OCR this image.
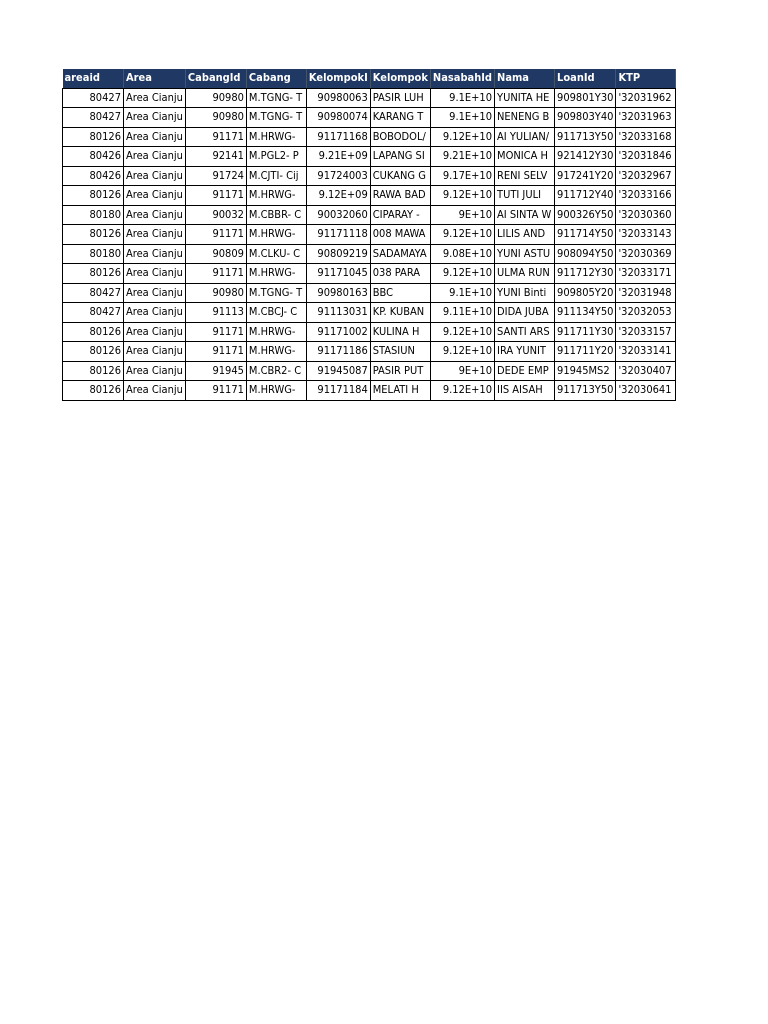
areaid	Area	CabangId	Cabang	KelompokI	Kelompok	NasabahId	Nama	LoanId	KTP
80427	Area Cianju	90980	M.TGNG- T	90980063	PASIR LUH	9.1E+10	YUNITA HE	909801Y30	'32031962
80427	Area Cianju	90980	M.TGNG- T	90980074	KARANG T	9.1E+10	NENENG B	909803Y40	'32031963
80126	Area Cianju	91171	M.HRWG-	91171168	BOBODOL/	9.12E+10	AI YULIAN/	911713Y50	'32033168
80426	Area Cianju	92141	M.PGL2- P	9.21E+09	LAPANG SI	9.21E+10	MONICA H	921412Y30	'32031846
80426	Area Cianju	91724	M.CJTI- Cij	91724003	CUKANG G	9.17E+10	RENI SELV	917241Y20	'32032967
80126	Area Cianju	91171	M.HRWG-	9.12E+09	RAWA BAD	9.12E+10	TUTI JULI	911712Y40	'32033166
80180	Area Cianju	90032	M.CBBR- C	90032060	CIPARAY -	9E+10	AI SINTA W	900326Y50	'32030360
80126	Area Cianju	91171	M.HRWG-	91171118	008 MAWA	9.12E+10	LILIS AND	911714Y50	'32033143
80180	Area Cianju	90809	M.CLKU- C	90809219	SADAMAYA	9.08E+10	YUNI ASTU	908094Y50	'32030369
80126	Area Cianju	91171	M.HRWG-	91171045	038 PARA	9.12E+10	ULMA RUN	911712Y30	'32033171
80427	Area Cianju	90980	M.TGNG- T	90980163	BBC	9.1E+10	YUNI Binti	909805Y20	'32031948
80427	Area Cianju	91113	M.CBCJ- C	91113031	KP. KUBAN	9.11E+10	DIDA JUBA	911134Y50	'32032053
80126	Area Cianju	91171	M.HRWG-	91171002	KULINA H	9.12E+10	SANTI ARS	911711Y30	'32033157
80126	Area Cianju	91171	M.HRWG-	91171186	STASIUN	9.12E+10	IRA YUNIT	911711Y20	'32033141
80126	Area Cianju	91945	M.CBR2- C	91945087	PASIR PUT	9E+10	DEDE EMP	91945MS2	'32030407
80126	Area Cianju	91171	M.HRWG-	91171184	MELATI H	9.12E+10	IIS AISAH	911713Y50	'32030641
